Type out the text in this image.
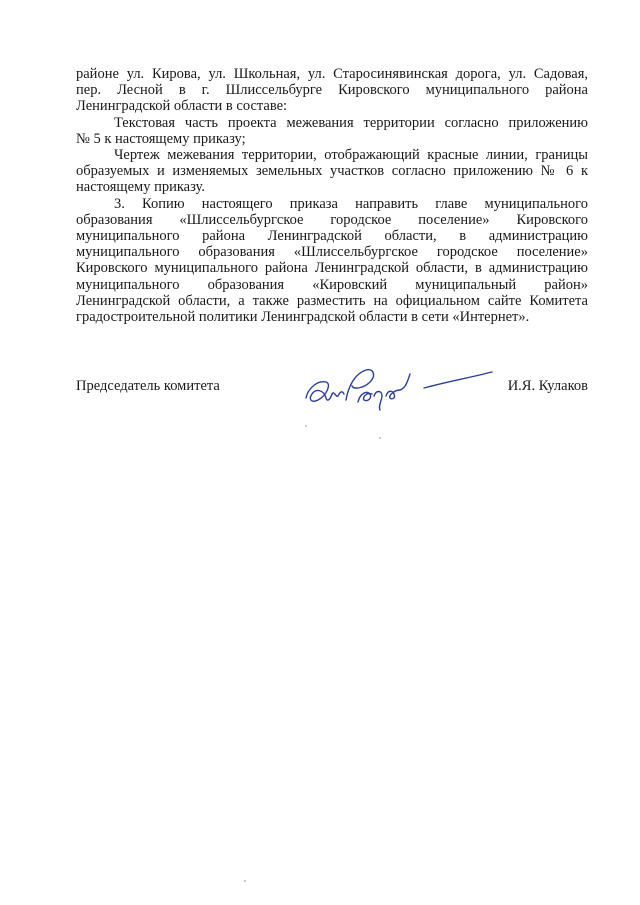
районе ул. Кирова, ул. Школьная, ул. Старосинявинская дорога, ул. Садовая,
пер. Лесной в г. Шлиссельбурге Кировского муниципального района
Ленинградской области в составе:
Текстовая часть проекта межевания территории согласно приложению
№ 5 к настоящему приказу;
Чертеж межевания территории, отображающий красные линии, границы
образуемых и изменяемых земельных участков согласно приложению № 6 к
настоящему приказу.
3. Копию настоящего приказа направить главе муниципального
образования «Шлиссельбургское городское поселение» Кировского
муниципального района Ленинградской области, в администрацию
муниципального образования «Шлиссельбургское городское поселение»
Кировского муниципального района Ленинградской области, в администрацию
муниципального образования «Кировский муниципальный район»
Ленинградской области, а также разместить на официальном сайте Комитета
градостроительной политики Ленинградской области в сети «Интернет».
Председатель комитета	И.Я. Кулаков
